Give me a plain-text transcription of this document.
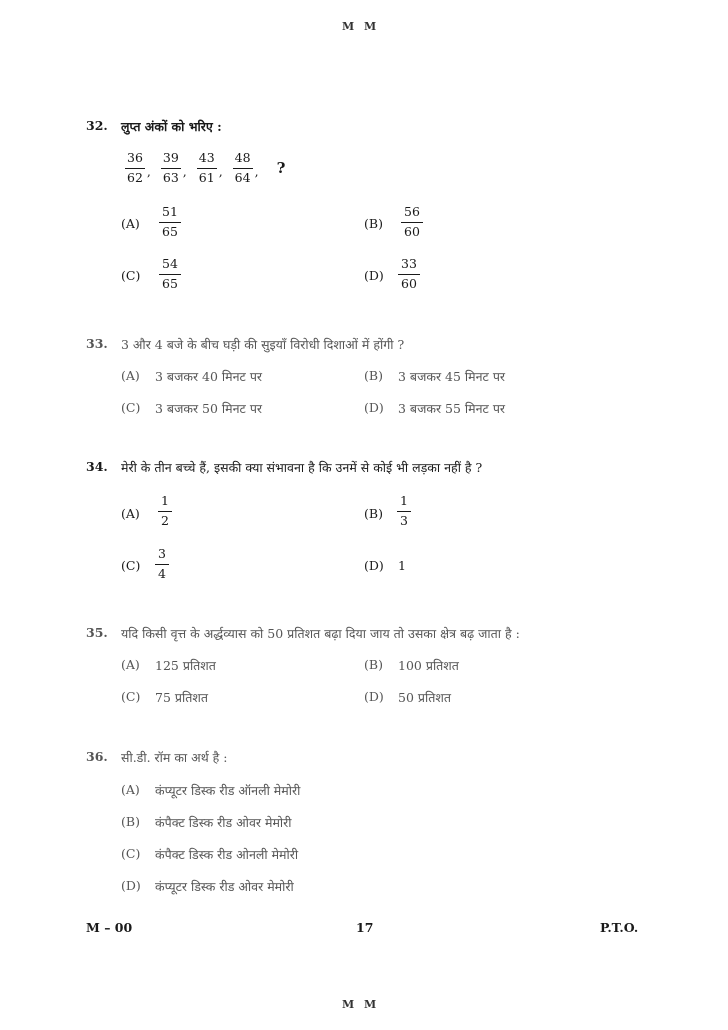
M M
M M
32. लुप्त अंकों को भरिए :
$\frac{36}{62}$ , $\frac{39}{63}$ , $\frac{43}{61}$ , $\frac{48}{64}$ , ?
$(A) \frac{51}{65}$	$(B) \frac{56}{60}$
$(C) \frac{54}{65}$	$(D) \frac{33}{60}$
33. 3 और 4 बजे के बीच घड़ी की सुइयाँ विरोधी दिशाओं में होंगी ?
(A) 3 बजकर 40 मिनट पर	(B) 3 बजकर 45 मिनट पर
(C) 3 बजकर 50 मिनट पर	(D) 3 बजकर 55 मिनट पर
34. मेरी के तीन बच्चे हैं, इसकी क्या संभावना है कि उनमें से कोई भी लड़का नहीं है ?
$(A) \frac{1}{2}$	$(B) \frac{1}{3}$
$(C) \frac{3}{4}$	(D) 1
35. यदि किसी वृत्त के अर्द्धव्यास को 50 प्रतिशत बढ़ा दिया जाय तो उसका क्षेत्र बढ़ जाता है :
(A) 125 प्रतिशत	(B) 100 प्रतिशत
(C) 75 प्रतिशत	(D) 50 प्रतिशत
36. सी.डी. रॉम का अर्थ है :
(A) कंप्यूटर डिस्क रीड ऑनली मेमोरी
(B) कंपैक्ट डिस्क रीड ओवर मेमोरी
(C) कंपैक्ट डिस्क रीड ओनली मेमोरी
(D) कंप्यूटर डिस्क रीड ओवर मेमोरी
M – 00	17	P.T.O.
